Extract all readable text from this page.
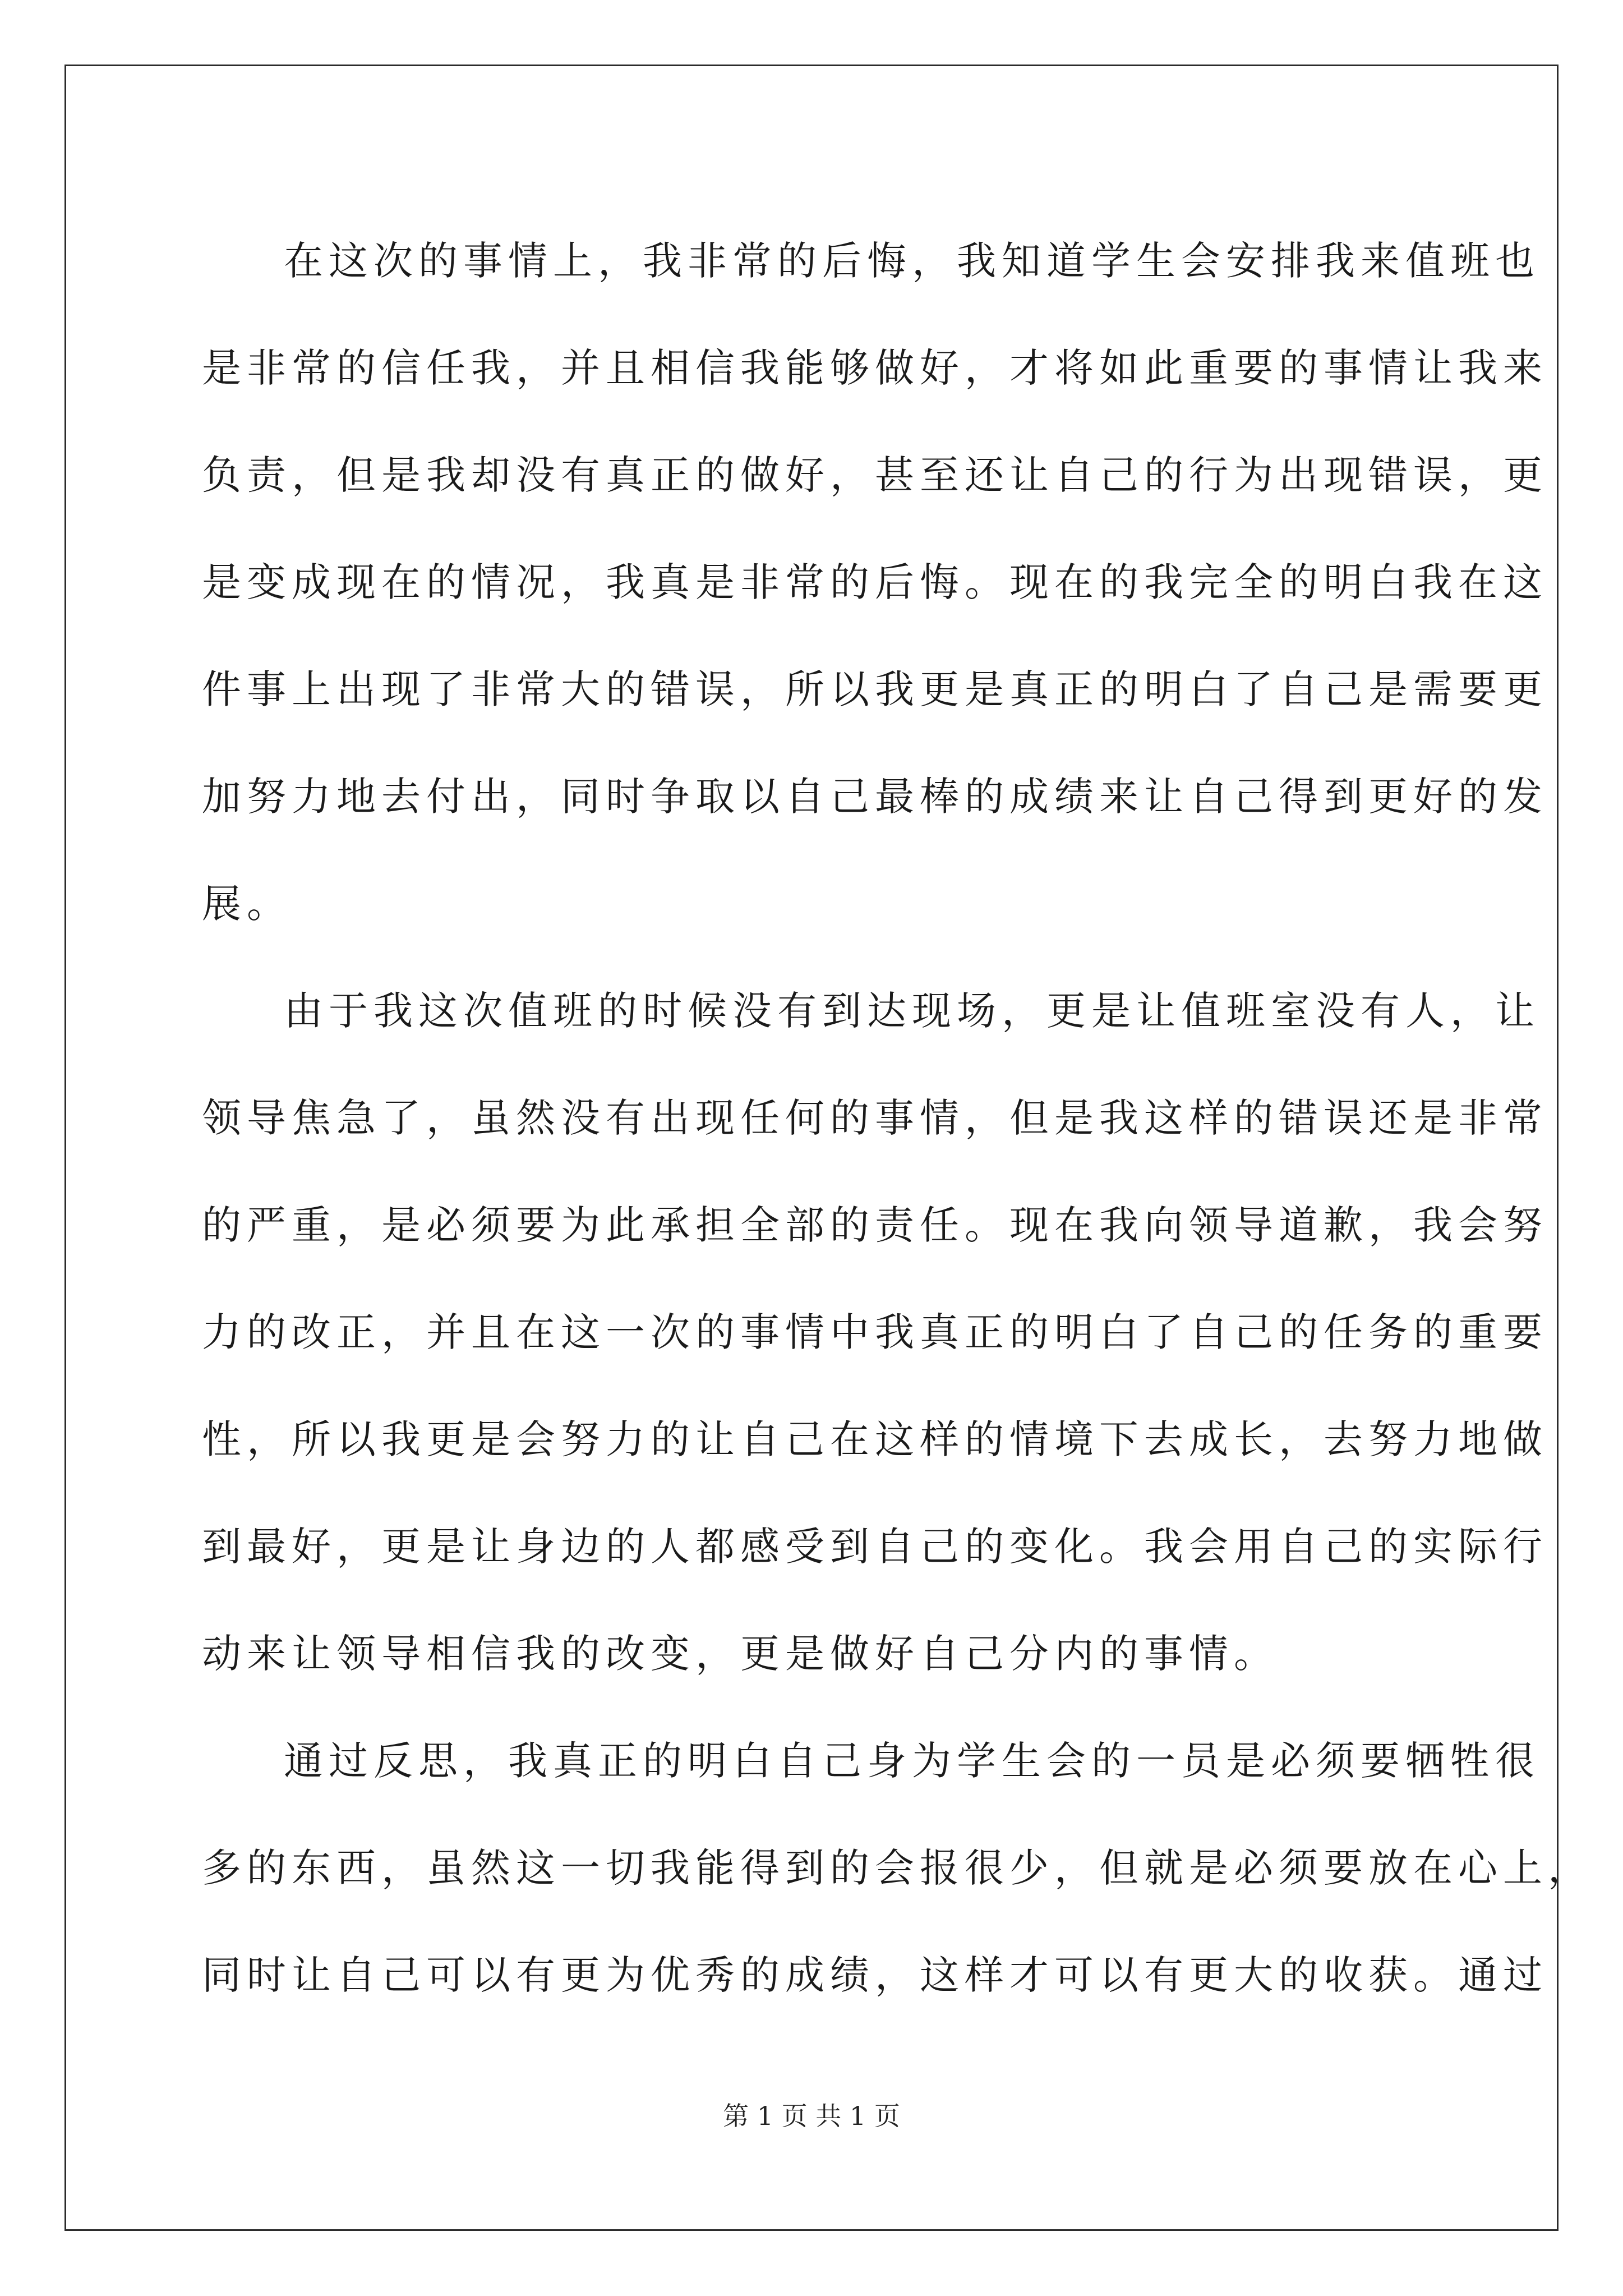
在这次的事情上，我非常的后悔，我知道学生会安排我来值班也
是非常的信任我，并且相信我能够做好，才将如此重要的事情让我来
负责，但是我却没有真正的做好，甚至还让自己的行为出现错误，更
是变成现在的情况，我真是非常的后悔。现在的我完全的明白我在这
件事上出现了非常大的错误，所以我更是真正的明白了自己是需要更
加努力地去付出，同时争取以自己最棒的成绩来让自己得到更好的发
展。
由于我这次值班的时候没有到达现场，更是让值班室没有人，让
领导焦急了，虽然没有出现任何的事情，但是我这样的错误还是非常
的严重，是必须要为此承担全部的责任。现在我向领导道歉，我会努
力的改正，并且在这一次的事情中我真正的明白了自己的任务的重要
性，所以我更是会努力的让自己在这样的情境下去成长，去努力地做
到最好，更是让身边的人都感受到自己的变化。我会用自己的实际行
动来让领导相信我的改变，更是做好自己分内的事情。
通过反思，我真正的明白自己身为学生会的一员是必须要牺牲很
多的东西，虽然这一切我能得到的会报很少，但就是必须要放在心上，
同时让自己可以有更为优秀的成绩，这样才可以有更大的收获。通过
第 1 页 共 1 页
